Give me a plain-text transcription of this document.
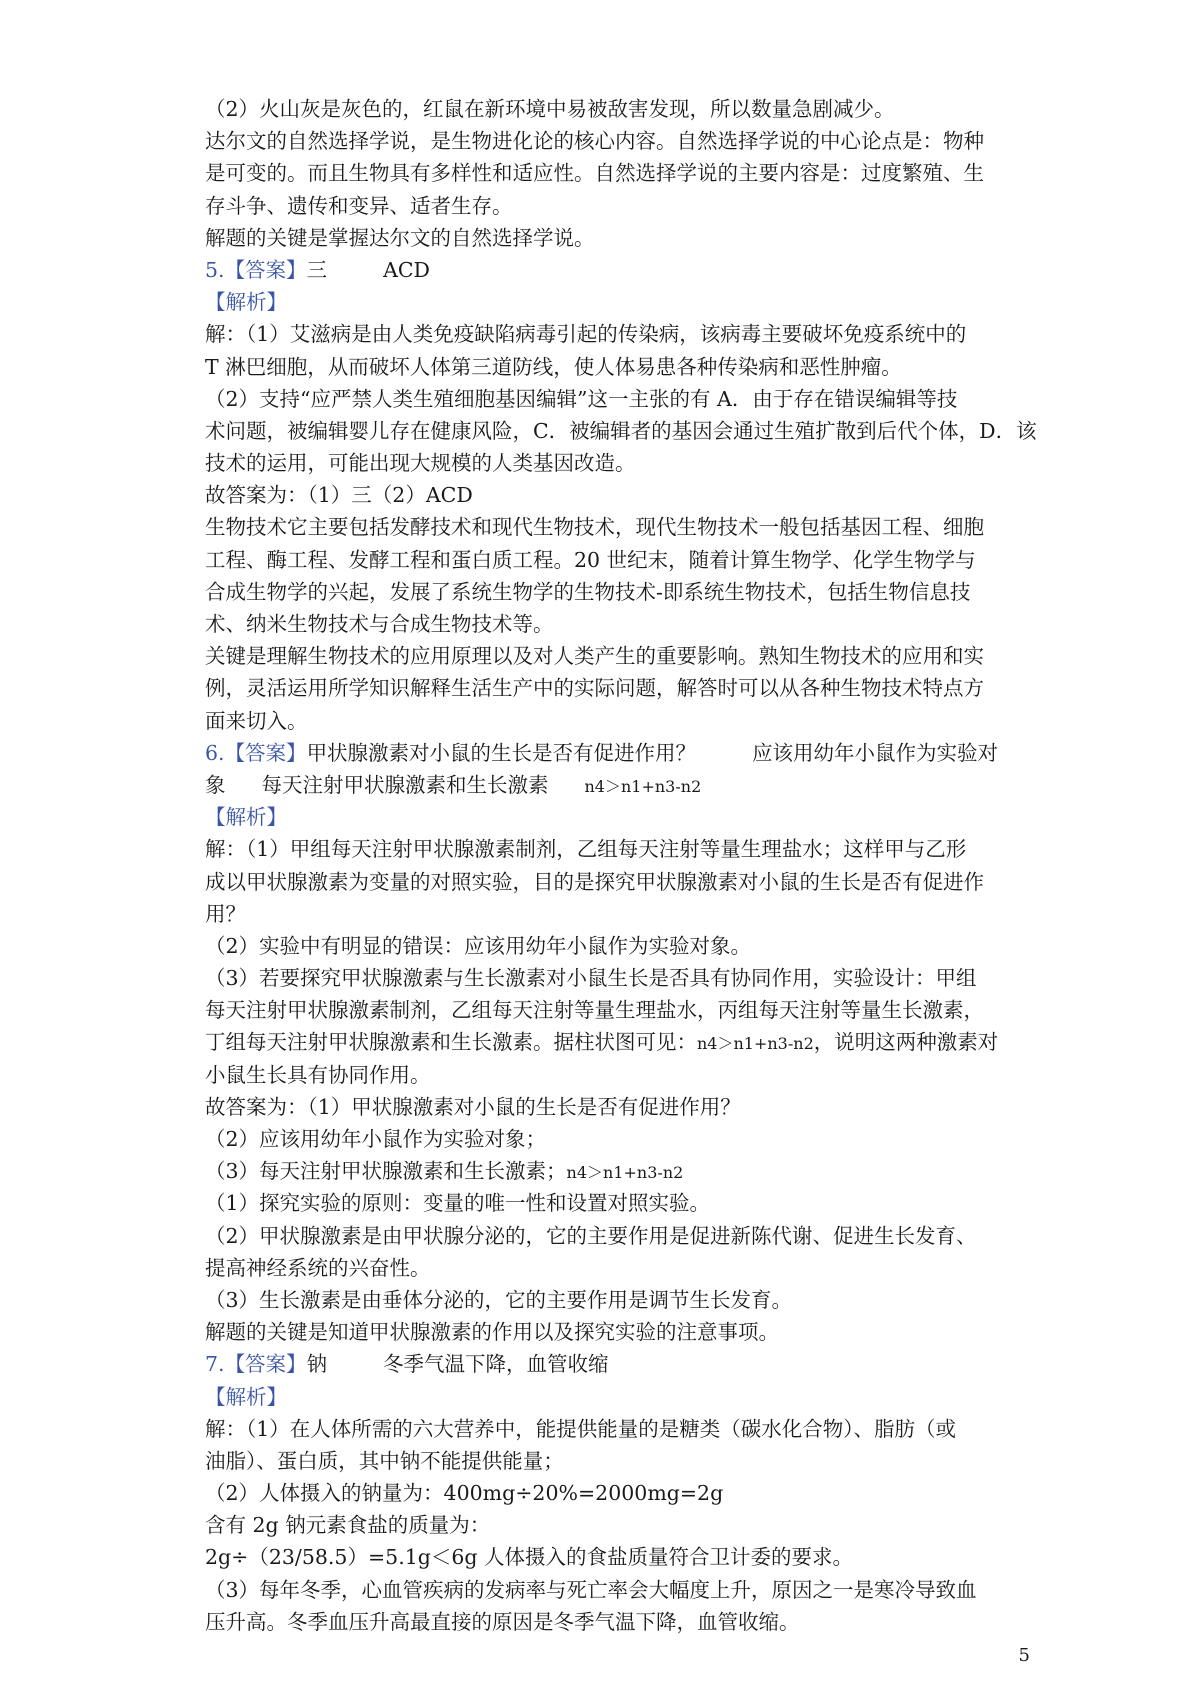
（2）火山灰是灰色的，红鼠在新环境中易被敌害发现，所以数量急剧减少。
达尔文的自然选择学说，是生物进化论的核心内容。自然选择学说的中心论点是：物种
是可变的。而且生物具有多样性和适应性。自然选择学说的主要内容是：过度繁殖、生
存斗争、遗传和变异、适者生存。
解题的关键是掌握达尔文的自然选择学说。
5.【答案】三	ACD
【解析】
解：（1）艾滋病是由人类免疫缺陷病毒引起的传染病，该病毒主要破坏免疫系统中的
T 淋巴细胞，从而破坏人体第三道防线，使人体易患各种传染病和恶性肿瘤。
（2）支持“应严禁人类生殖细胞基因编辑”这一主张的有 A．由于存在错误编辑等技
术问题，被编辑婴儿存在健康风险，C．被编辑者的基因会通过生殖扩散到后代个体，D．该
技术的运用，可能出现大规模的人类基因改造。
故答案为：（1）三（2）ACD
生物技术它主要包括发酵技术和现代生物技术，现代生物技术一般包括基因工程、细胞
工程、酶工程、发酵工程和蛋白质工程。20 世纪末，随着计算生物学、化学生物学与
合成生物学的兴起，发展了系统生物学的生物技术-即系统生物技术，包括生物信息技
术、纳米生物技术与合成生物技术等。
关键是理解生物技术的应用原理以及对人类产生的重要影响。熟知生物技术的应用和实
例，灵活运用所学知识解释生活生产中的实际问题，解答时可以从各种生物技术特点方
面来切入。
6.【答案】甲状腺激素对小鼠的生长是否有促进作用？	应该用幼年小鼠作为实验对
象 每天注射甲状腺激素和生长激素 n4＞n1+n3-n2
【解析】
解：（1）甲组每天注射甲状腺激素制剂，乙组每天注射等量生理盐水；这样甲与乙形
成以甲状腺激素为变量的对照实验，目的是探究甲状腺激素对小鼠的生长是否有促进作
用？
（2）实验中有明显的错误：应该用幼年小鼠作为实验对象。
（3）若要探究甲状腺激素与生长激素对小鼠生长是否具有协同作用，实验设计：甲组
每天注射甲状腺激素制剂，乙组每天注射等量生理盐水，丙组每天注射等量生长激素，
丁组每天注射甲状腺激素和生长激素。据柱状图可见：n4＞n1+n3-n2，说明这两种激素对
小鼠生长具有协同作用。
故答案为：（1）甲状腺激素对小鼠的生长是否有促进作用？
（2）应该用幼年小鼠作为实验对象；
（3）每天注射甲状腺激素和生长激素；n4＞n1+n3-n2
（1）探究实验的原则：变量的唯一性和设置对照实验。
（2）甲状腺激素是由甲状腺分泌的，它的主要作用是促进新陈代谢、促进生长发育、
提高神经系统的兴奋性。
（3）生长激素是由垂体分泌的，它的主要作用是调节生长发育。
解题的关键是知道甲状腺激素的作用以及探究实验的注意事项。
7.【答案】钠	冬季气温下降，血管收缩
【解析】
解：（1）在人体所需的六大营养中，能提供能量的是糖类（碳水化合物）、脂肪（或
油脂）、蛋白质，其中钠不能提供能量；
（2）人体摄入的钠量为：400mg÷20%=2000mg=2g
含有 2g 钠元素食盐的质量为：
2g÷（23/58.5）=5.1g＜6g 人体摄入的食盐质量符合卫计委的要求。
（3）每年冬季，心血管疾病的发病率与死亡率会大幅度上升，原因之一是寒冷导致血
压升高。冬季血压升高最直接的原因是冬季气温下降，血管收缩。
5
